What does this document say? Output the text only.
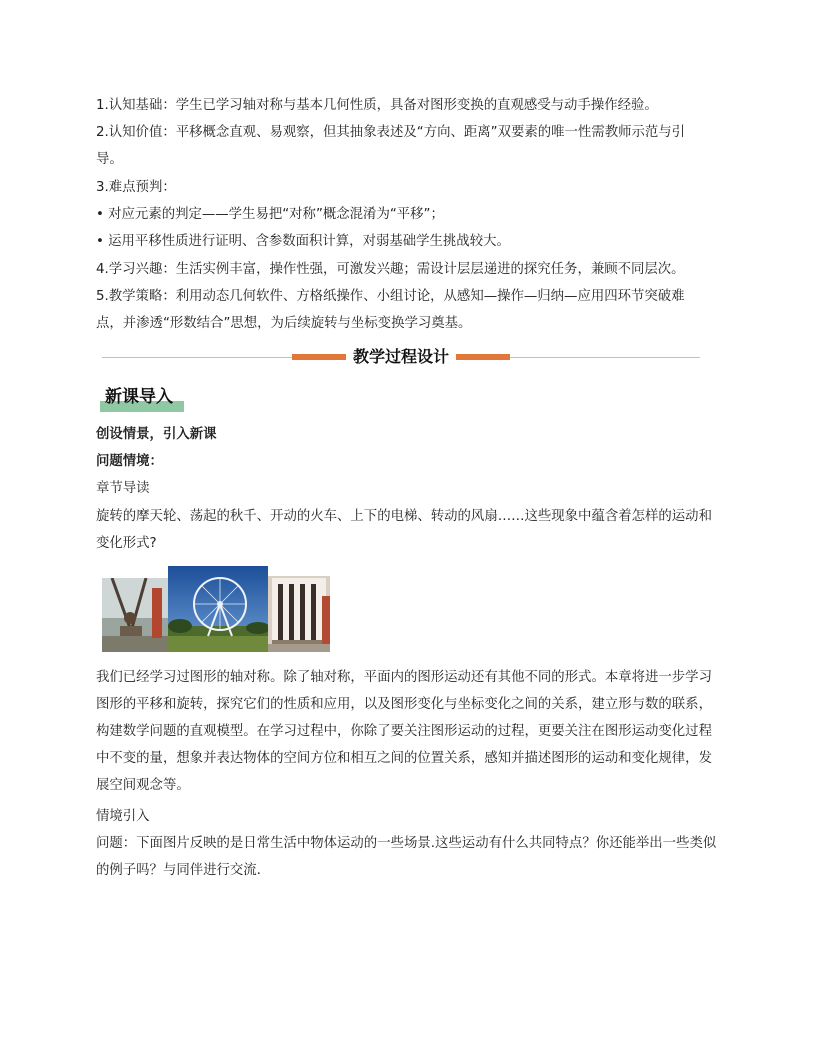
1.认知基础：学生已学习轴对称与基本几何性质，具备对图形变换的直观感受与动手操作经验。

2.认知价值：平移概念直观、易观察，但其抽象表述及“方向、距离”双要素的唯一性需教师示范与引

导。

3.难点预判：

• 对应元素的判定——学生易把“对称”概念混淆为“平移”；

• 运用平移性质进行证明、含参数面积计算，对弱基础学生挑战较大。

4.学习兴趣：生活实例丰富，操作性强，可激发兴趣；需设计层层递进的探究任务，兼顾不同层次。

5.教学策略：利用动态几何软件、方格纸操作、小组讨论，从感知—操作—归纳—应用四环节突破难

点，并渗透“形数结合”思想，为后续旋转与坐标变换学习奠基。

教学过程设计
新课导入

创设情景，引入新课

问题情境：

章节导读

旋转的摩天轮、荡起的秋千、开动的火车、上下的电梯、转动的风扇……这些现象中蕴含着怎样的运动和变化形式?

我们已经学习过图形的轴对称。除了轴对称，平面内的图形运动还有其他不同的形式。本章将进一步学习图形的平移和旋转，探究它们的性质和应用，以及图形变化与坐标变化之间的关系，建立形与数的联系，构建数学问题的直观模型。在学习过程中，你除了要关注图形运动的过程，更要关注在图形运动变化过程中不变的量，想象并表达物体的空间方位和相互之间的位置关系，感知并描述图形的运动和变化规律，发展空间观念等。

情境引入

问题：下面图片反映的是日常生活中物体运动的一些场景.这些运动有什么共同特点？你还能举出一些类似的例子吗？与同伴进行交流.
